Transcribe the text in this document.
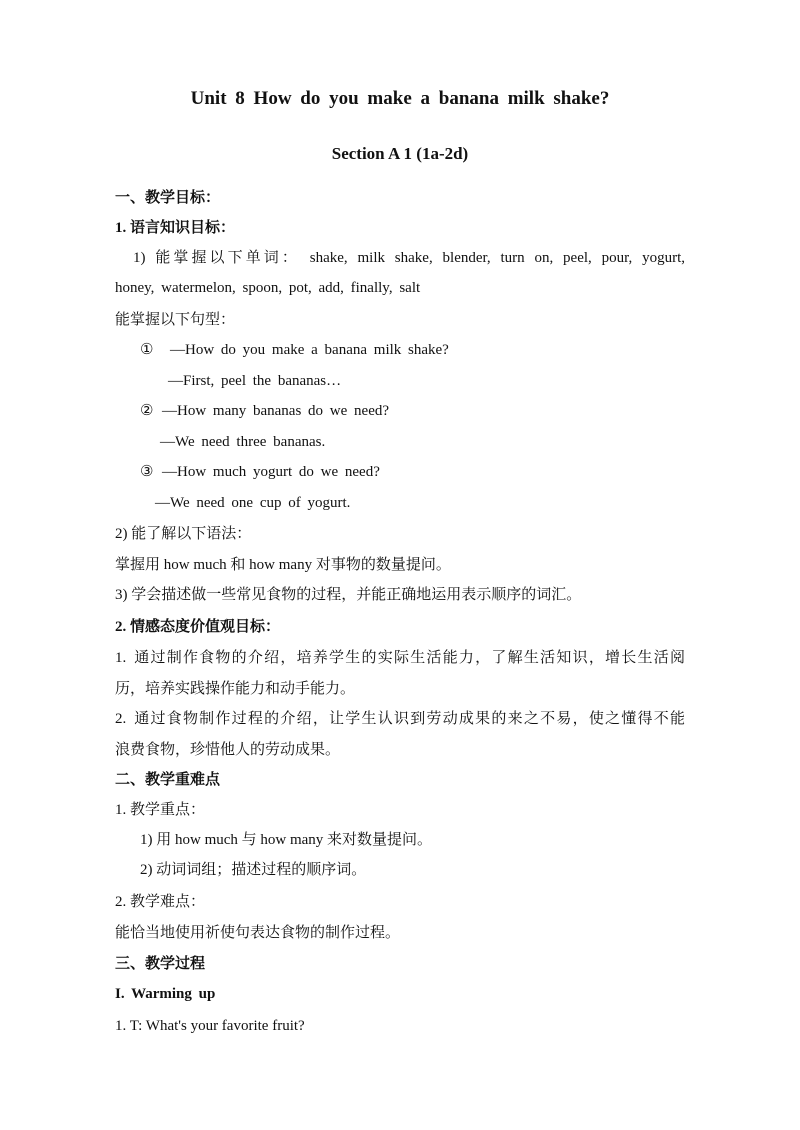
Unit 8 How do you make a banana milk shake?
Section A 1 (1a-2d)
一、教学目标：
1. 语言知识目标：
1) 能掌握以下单词： shake, milk shake, blender, turn on, peel, pour, yogurt,
honey, watermelon, spoon, pot, add, finally, salt
能掌握以下句型：
① —How do you make a banana milk shake?
—First, peel the bananas…
② —How many bananas do we need?
—We need three bananas.
③ —How much yogurt do we need?
—We need one cup of yogurt.
2) 能了解以下语法：
掌握用 how much 和 how many 对事物的数量提问。
3) 学会描述做一些常见食物的过程，并能正确地运用表示顺序的词汇。
2. 情感态度价值观目标：
1. 通过制作食物的介绍，培养学生的实际生活能力，了解生活知识，增长生活阅
历，培养实践操作能力和动手能力。
2. 通过食物制作过程的介绍，让学生认识到劳动成果的来之不易，使之懂得不能
浪费食物，珍惜他人的劳动成果。
二、教学重难点
1. 教学重点：
1) 用 how much 与 how many 来对数量提问。
2) 动词词组；描述过程的顺序词。
2. 教学难点：
能恰当地使用祈使句表达食物的制作过程。
三、教学过程
I. Warming up
1. T: What's your favorite fruit?
